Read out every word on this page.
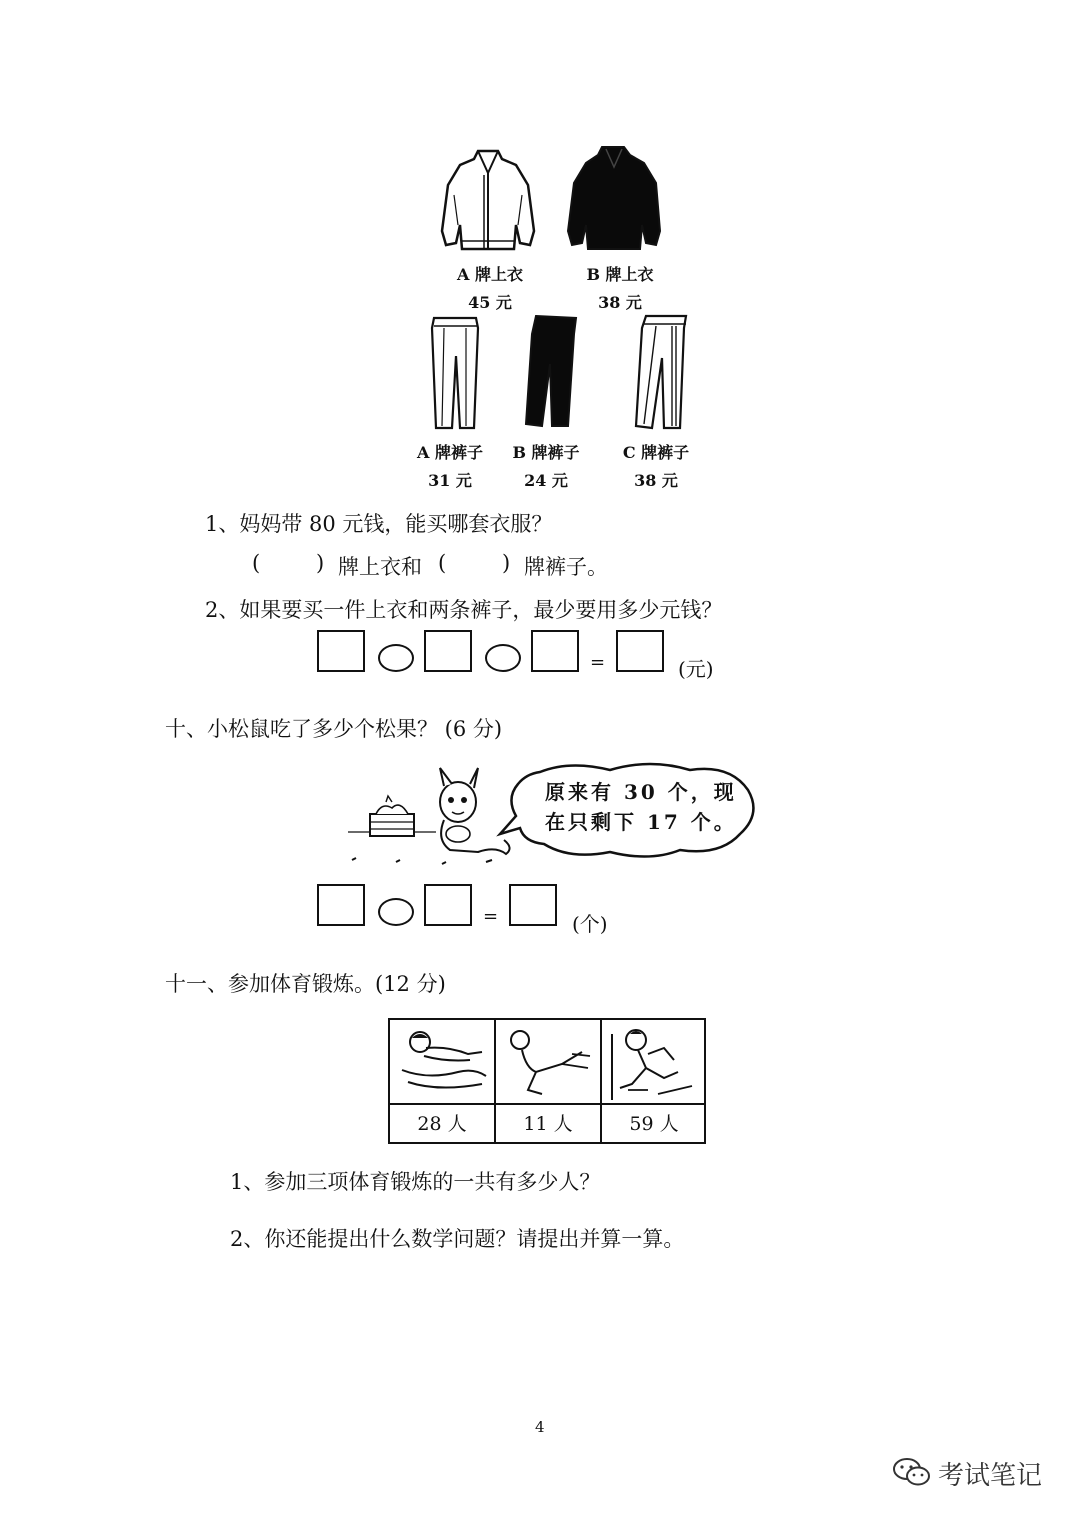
A 牌上衣
45 元
B 牌上衣
38 元
A 牌裤子
31 元
B 牌裤子
24 元
C 牌裤子
38 元
1、妈妈带 80 元钱，能买哪套衣服？
(	) 牌上衣和 (	) 牌裤子。
2、如果要买一件上衣和两条裤子，最少要用多少元钱？
=	(元)
十、小松鼠吃了多少个松果？ (6 分)
原来有 30 个，现
在只剩下 17 个。
=	(个)
十一、参加体育锻炼。(12 分)
28 人	11 人	59 人
1、参加三项体育锻炼的一共有多少人？
2、你还能提出什么数学问题？请提出并算一算。
4
考试笔记
